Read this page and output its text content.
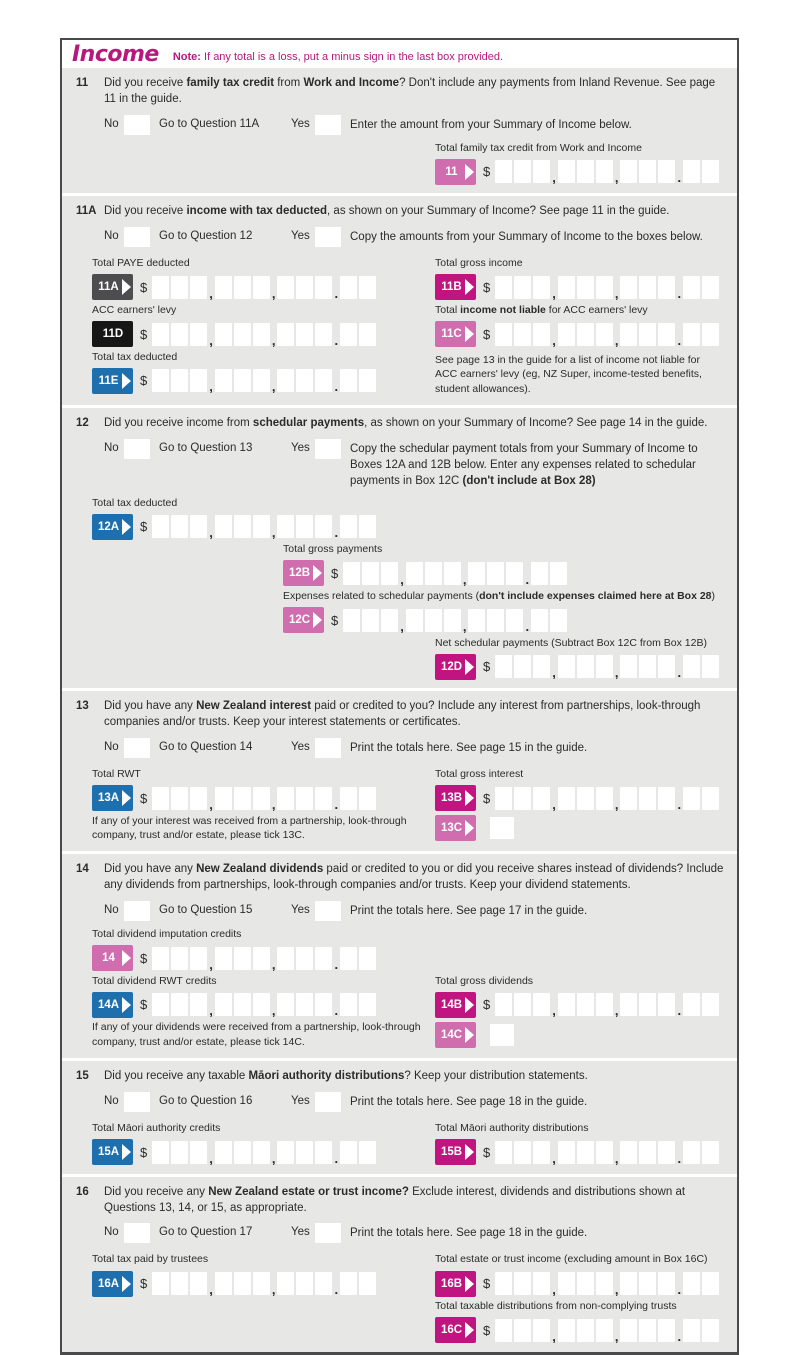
Income Note: If any total is a loss, put a minus sign in the last box provided.
11	Did you receive family tax credit from Work and Income? Don't include any payments from Inland Revenue. See page 11 in the guide.
No	Go to Question 11A	Yes	Enter the amount from your Summary of Income below.
Total family tax credit from Work and Income
11	$	,	,	.
11A Did you receive income with tax deducted, as shown on your Summary of Income? See page 11 in the guide.
No	Go to Question 12	Yes	Copy the amounts from your Summary of Income to the boxes below.
Total PAYE deducted
11A $	,	,	.
ACC earners' levy
11D	$	,	,	.
Total tax deducted
11E $	,	,	.
Total gross income
11B $	,	,	.
Total income not liable for ACC earners' levy
11C $	,	,	.
See page 13 in the guide for a list of income not liable for ACC earners' levy (eg, NZ Super, income-tested benefits, student allowances).
12	Did you receive income from schedular payments, as shown on your Summary of Income? See page 14 in the guide.
No	Go to Question 13	Yes	Copy the schedular payment totals from your Summary of Income to Boxes 12A and 12B below. Enter any expenses related to schedular payments in Box 12C (don't include at Box 28)
Total tax deducted
12A $	,	,	.
Total gross payments
12B $	,	,	.
Expenses related to schedular payments (don't include expenses claimed here at Box 28)
12C $	,	,	.
Net schedular payments (Subtract Box 12C from Box 12B)
12D $	,	,	.
13	Did you have any New Zealand interest paid or credited to you? Include any interest from partnerships, look-through companies and/or trusts. Keep your interest statements or certificates.
No	Go to Question 14	Yes	Print the totals here. See page 15 in the guide.
Total RWT
13A $	,	,	.
Total gross interest
13B $	,	,	.
If any of your interest was received from a partnership, look-through company, trust and/or estate, please tick 13C.
13C
14	Did you have any New Zealand dividends paid or credited to you or did you receive shares instead of dividends? Include any dividends from partnerships, look-through companies and/or trusts. Keep your dividend statements.
No	Go to Question 15	Yes	Print the totals here. See page 17 in the guide.
Total dividend imputation credits
14	$	,	,	.
Total dividend RWT credits
14A $	,	,	.
Total gross dividends
14B $	,	,	.
If any of your dividends were received from a partnership, look-through company, trust and/or estate, please tick 14C.
14C
15	Did you receive any taxable Māori authority distributions? Keep your distribution statements.
No	Go to Question 16	Yes	Print the totals here. See page 18 in the guide.
Total Māori authority credits
15A $	,	,	.
Total Māori authority distributions
15B $	,	,	.
16	Did you receive any New Zealand estate or trust income? Exclude interest, dividends and distributions shown at Questions 13, 14, or 15, as appropriate.
No	Go to Question 17	Yes	Print the totals here. See page 18 in the guide.
Total tax paid by trustees
16A $	,	,	.
Total estate or trust income (excluding amount in Box 16C)
16B $	,	,	.
Total taxable distributions from non-complying trusts
16C $	,	,	.
